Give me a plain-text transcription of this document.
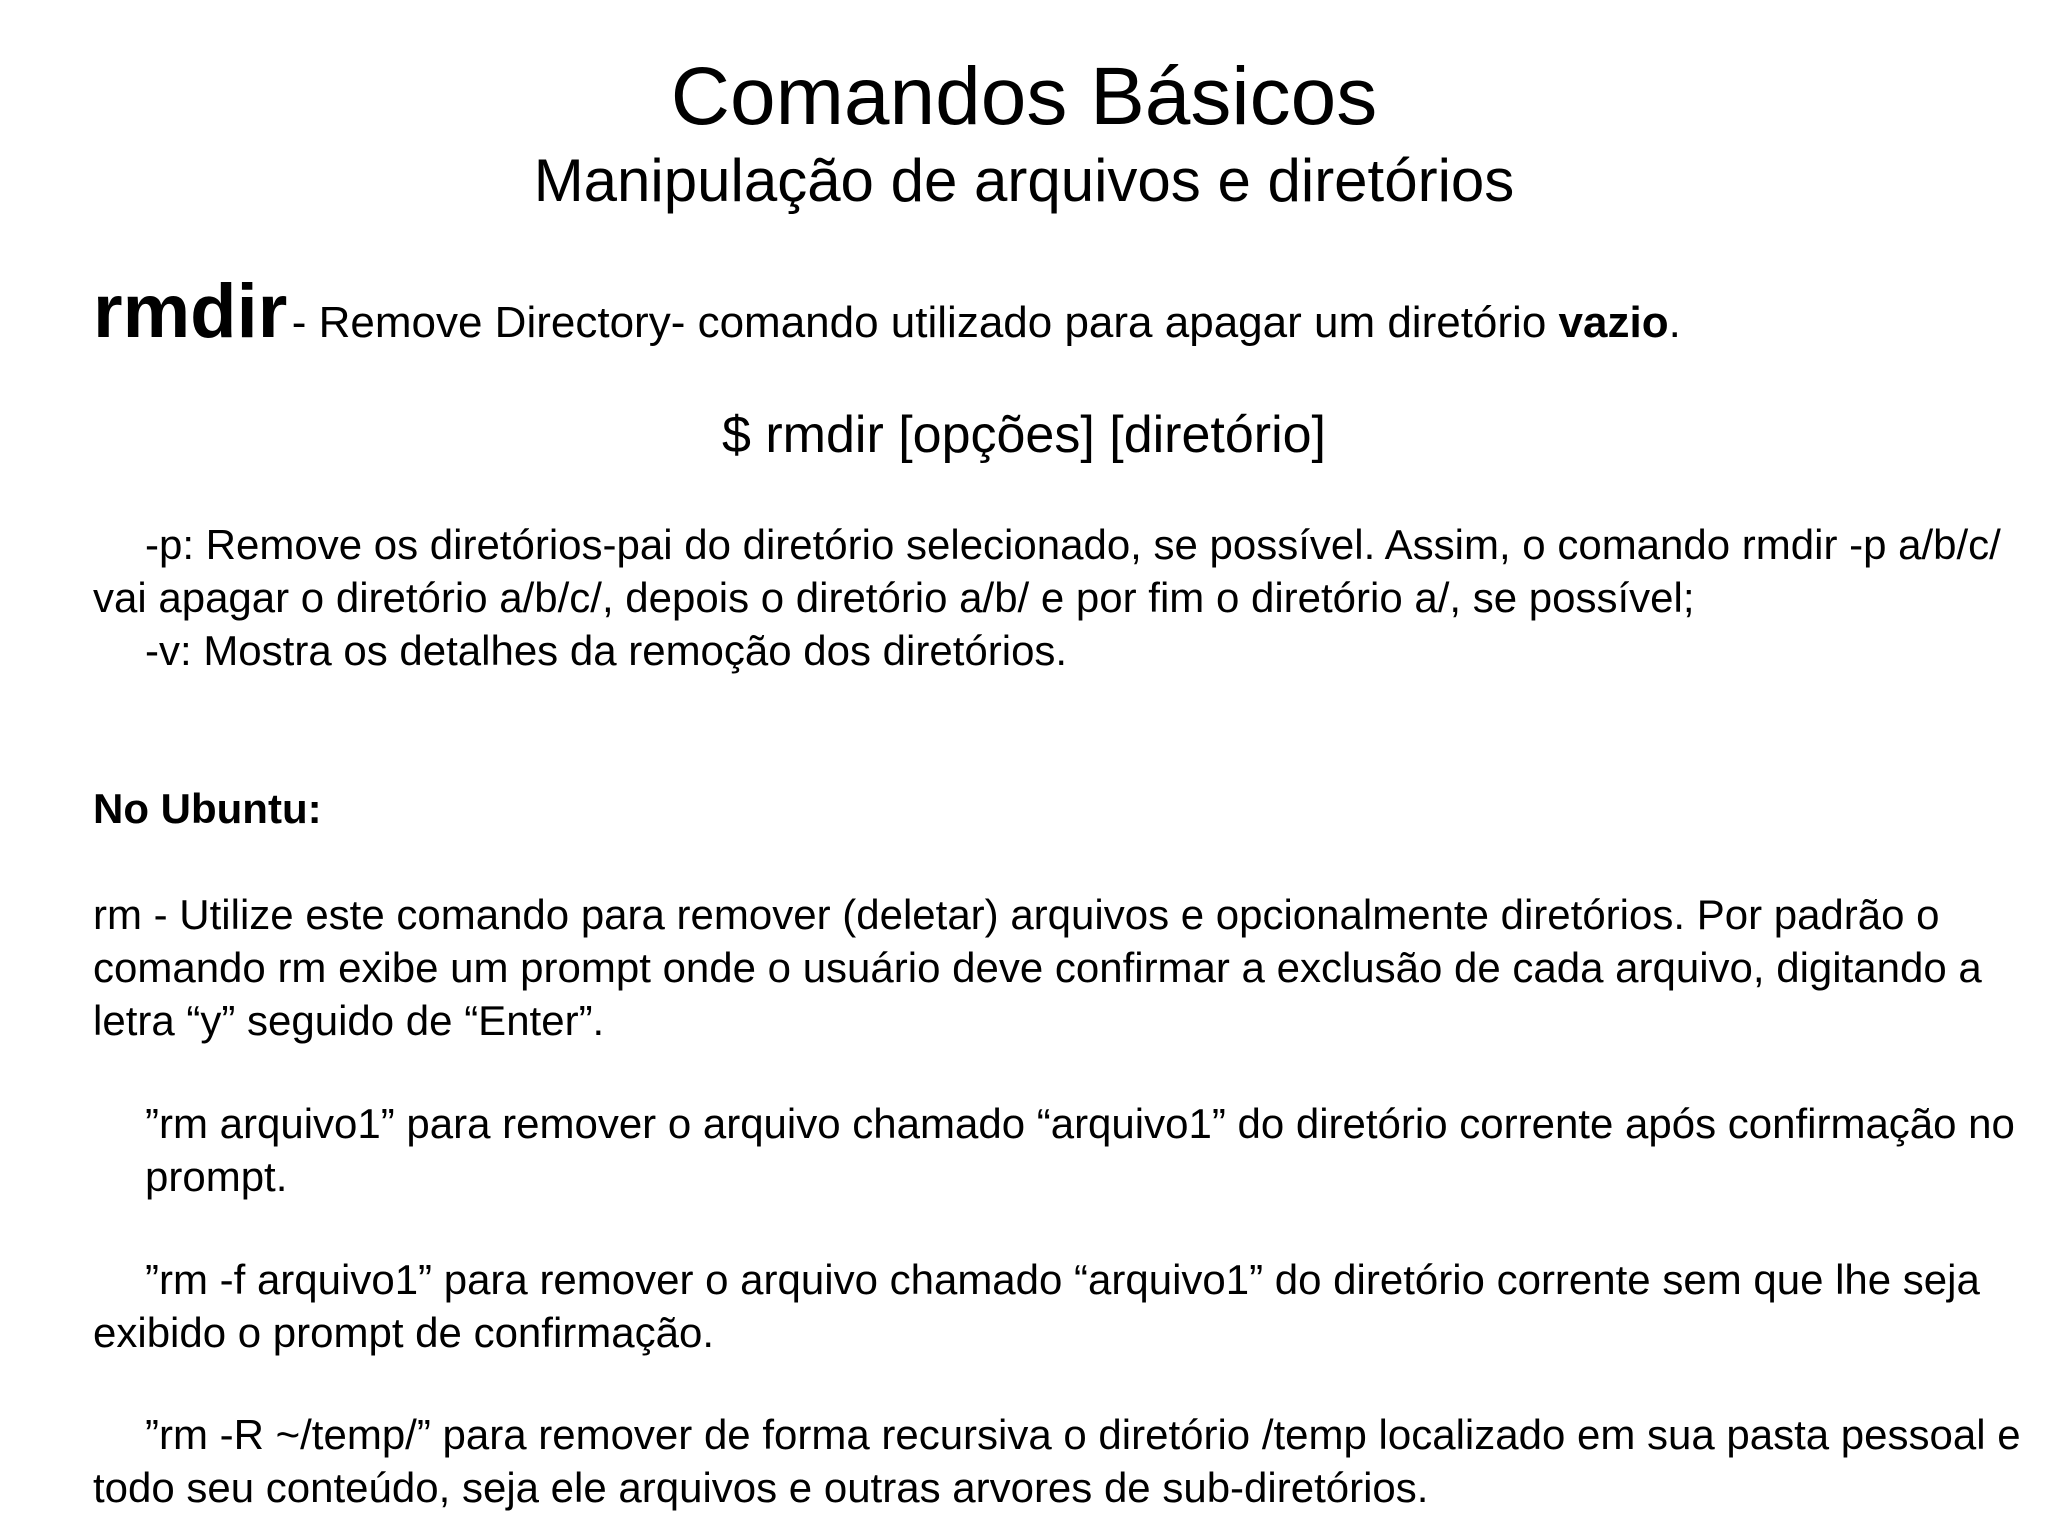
Comandos Básicos
Manipulação de arquivos e diretórios
rmdir - Remove Directory- comando utilizado para apagar um diretório vazio.
$ rmdir [opções] [diretório]
-p: Remove os diretórios-pai do diretório selecionado, se possível. Assim, o comando rmdir -p a/b/c/ vai apagar o diretório a/b/c/, depois o diretório a/b/ e por fim o diretório a/, se possível;
-v: Mostra os detalhes da remoção dos diretórios.

No Ubuntu:

rm - Utilize este comando para remover (deletar) arquivos e opcionalmente diretórios. Por padrão o comando rm exibe um prompt onde o usuário deve confirmar a exclusão de cada arquivo, digitando a letra “y” seguido de “Enter”.

”rm arquivo1” para remover o arquivo chamado “arquivo1” do diretório corrente após confirmação no prompt.

”rm -f arquivo1” para remover o arquivo chamado “arquivo1” do diretório corrente sem que lhe seja exibido o prompt de confirmação.

”rm -R ~/temp/” para remover de forma recursiva o diretório /temp localizado em sua pasta pessoal e todo seu conteúdo, seja ele arquivos e outras arvores de sub-diretórios.
